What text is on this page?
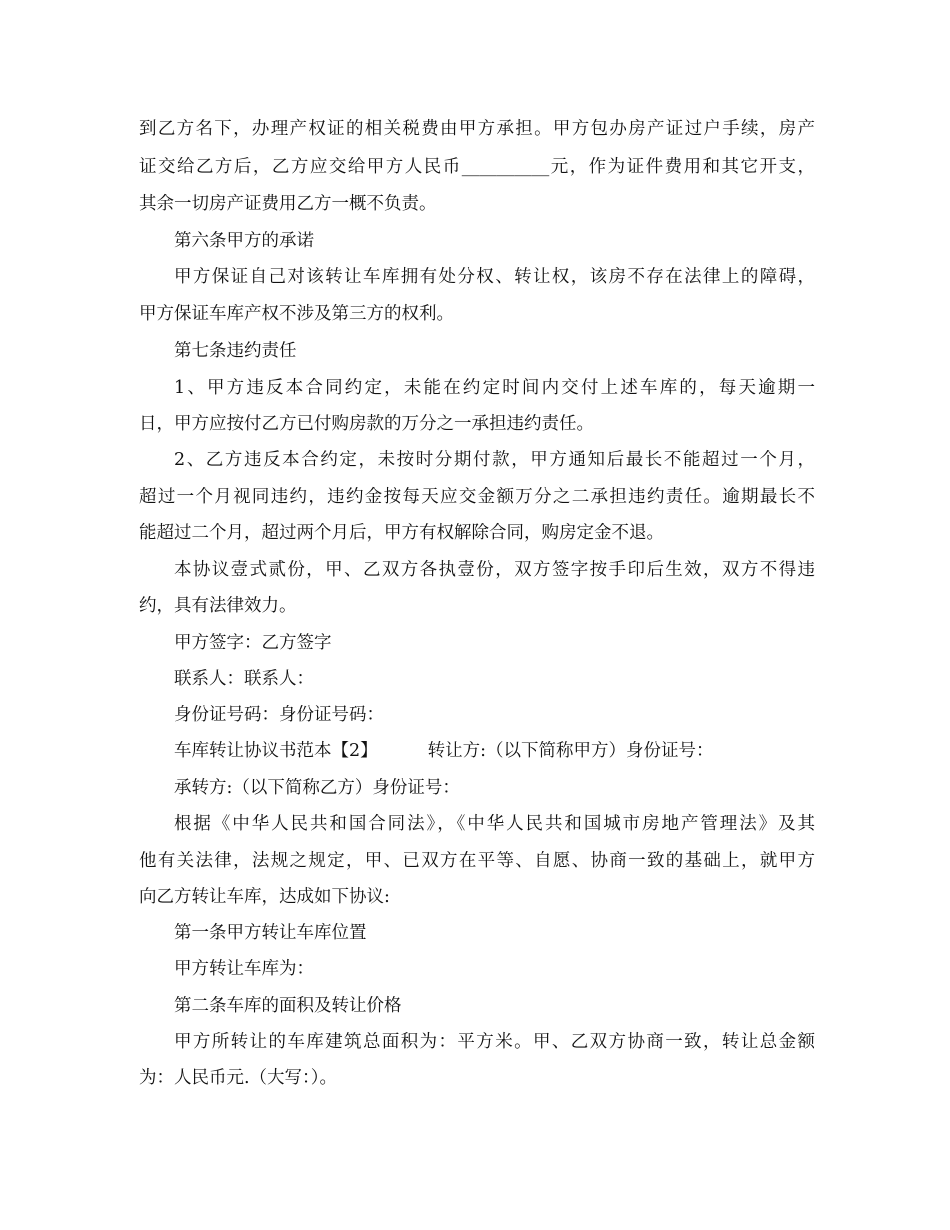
到乙方名下，办理产权证的相关税费由甲方承担。甲方包办房产证过户手续，房产
证交给乙方后，乙方应交给甲方人民币__________元，作为证件费用和其它开支，
其余一切房产证费用乙方一概不负责。
第六条甲方的承诺
甲方保证自己对该转让车库拥有处分权、转让权，该房不存在法律上的障碍，
甲方保证车库产权不涉及第三方的权利。
第七条违约责任
1、甲方违反本合同约定，未能在约定时间内交付上述车库的，每天逾期一
日，甲方应按付乙方已付购房款的万分之一承担违约责任。
2、乙方违反本合约定，未按时分期付款，甲方通知后最长不能超过一个月，
超过一个月视同违约，违约金按每天应交金额万分之二承担违约责任。逾期最长不
能超过二个月，超过两个月后，甲方有权解除合同，购房定金不退。
本协议壹式贰份，甲、乙双方各执壹份，双方签字按手印后生效，双方不得违
约，具有法律效力。
甲方签字：乙方签字
联系人：联系人：
身份证号码：身份证号码：
车库转让协议书范本【2】	转让方:（以下简称甲方）身份证号：
承转方:（以下简称乙方）身份证号：
根据《中华人民共和国合同法》，《中华人民共和国城市房地产管理法》及其
他有关法律，法规之规定，甲、已双方在平等、自愿、协商一致的基础上，就甲方
向乙方转让车库，达成如下协议:
第一条甲方转让车库位置
甲方转让车库为：
第二条车库的面积及转让价格
甲方所转让的车库建筑总面积为：平方米。甲、乙双方协商一致，转让总金额
为：人民币元.（大写：）。
